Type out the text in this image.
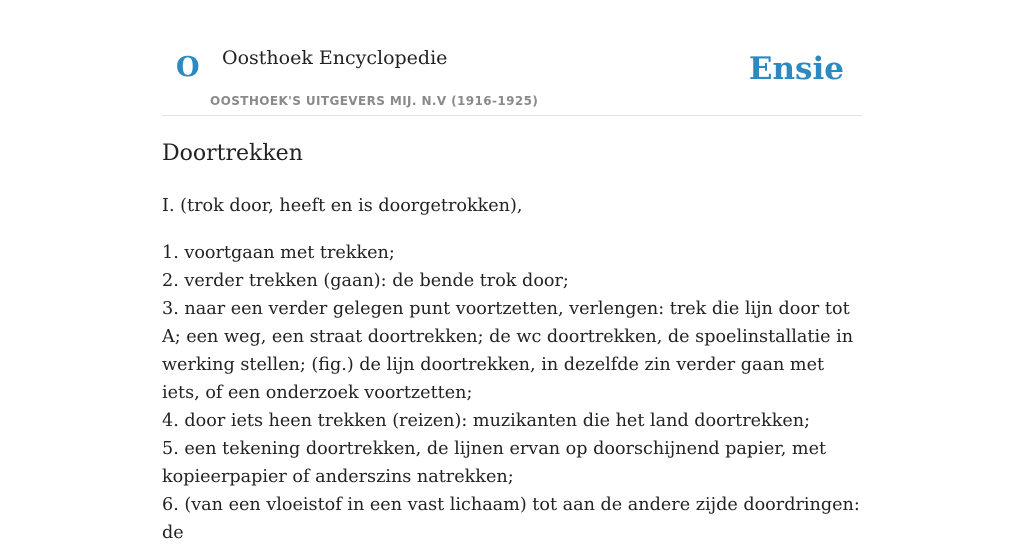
O Oosthoek Encyclopedie
OOSTHOEK'S UITGEVERS MIJ. N.V (1916-1925)
Ensie
Doortrekken

I. (trok door, heeft en is doorgetrokken),

1. voortgaan met trekken;

2. verder trekken (gaan): de bende trok door;

3. naar een verder gelegen punt voortzetten, verlengen: trek die lijn door tot A; een weg, een straat doortrekken; de wc doortrekken, de spoelinstallatie in werking stellen; (fig.) de lijn doortrekken, in dezelfde zin verder gaan met iets, of een onderzoek voortzetten;

4. door iets heen trekken (reizen): muzikanten die het land doortrekken;

5. een tekening doortrekken, de lijnen ervan op doorschijnend papier, met kopieerpapier of anderszins natrekken;

6. (van een vloeistof in een vast lichaam) tot aan de andere zijde doordringen: de
